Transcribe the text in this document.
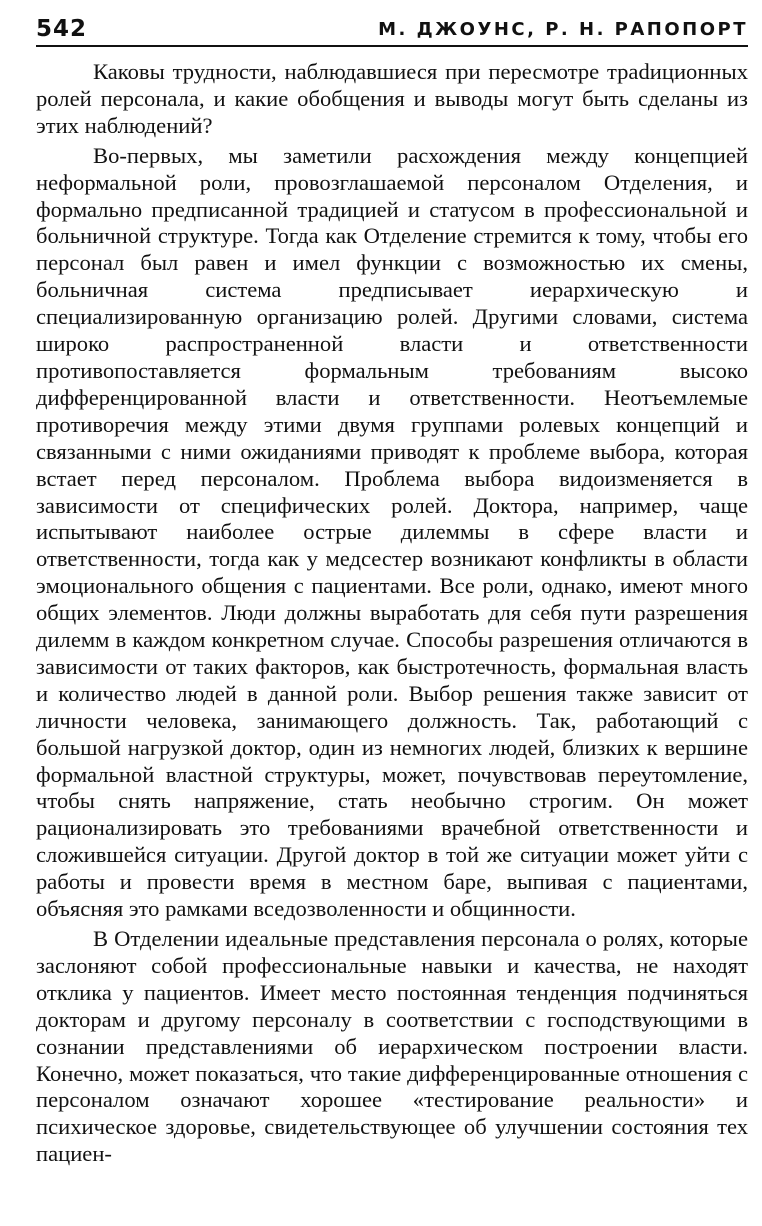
542	М. ДЖОУНС, Р. Н. РАПОПОРТ

Каковы трудности, наблюдавшиеся при пересмотре траdиционных ролей персонала, и какие обобщения и выводы могут быть сделаны из этих наблюдений?

Во-первых, мы заметили расхождения между концепцией неформальной роли, провозглашаемой персоналом Отделения, и формально предписанной традицией и статусом в профессиональной и больничной структуре. Тогда как Отделение стремится к тому, чтобы его персонал был равен и имел функции с возможностью их смены, больничная система предписывает иерархическую и специализированную организацию ролей. Другими словами, система широко распространенной власти и ответственности противопоставляется формальным требованиям высоко дифференцированной власти и ответственности. Неотъемлемые противоречия между этими двумя группами ролевых концепций и связанными с ними ожиданиями приводят к проблеме выбора, которая встает перед персоналом. Проблема выбора видоизменяется в зависимости от специфических ролей. Доктора, например, чаще испытывают наиболее острые дилеммы в сфере власти и ответственности, тогда как у медсестер возникают конфликты в области эмоционального общения с пациентами. Все роли, однако, имеют много общих элементов. Люди должны выработать для себя пути разрешения дилемм в каждом конкретном случае. Способы разрешения отличаются в зависимости от таких факторов, как быстротечность, формальная власть и количество людей в данной роли. Выбор решения также зависит от личности человека, занимающего должность. Так, работающий с большой нагрузкой доктор, один из немногих людей, близких к вершине формальной властной структуры, может, почувствовав переутомление, чтобы снять напряжение, стать необычно строгим. Он может рационализировать это требованиями врачебной ответственности и сложившейся ситуации. Другой доктор в той же ситуации может уйти с работы и провести время в местном баре, выпивая с пациентами, объясняя это рамками вседозволенности и общинности.

В Отделении идеальные представления персонала о ролях, которые заслоняют собой профессиональные навыки и качества, не находят отклика у пациентов. Имеет место постоянная тенденция подчиняться докторам и другому персоналу в соответствии с господствующими в сознании представлениями об иерархическом построении власти. Конечно, может показаться, что такие дифференцированные отношения с персоналом означают хорошее «тестирование реальности» и психическое здоровье, свидетельствующее об улучшении состояния тех пациен-
